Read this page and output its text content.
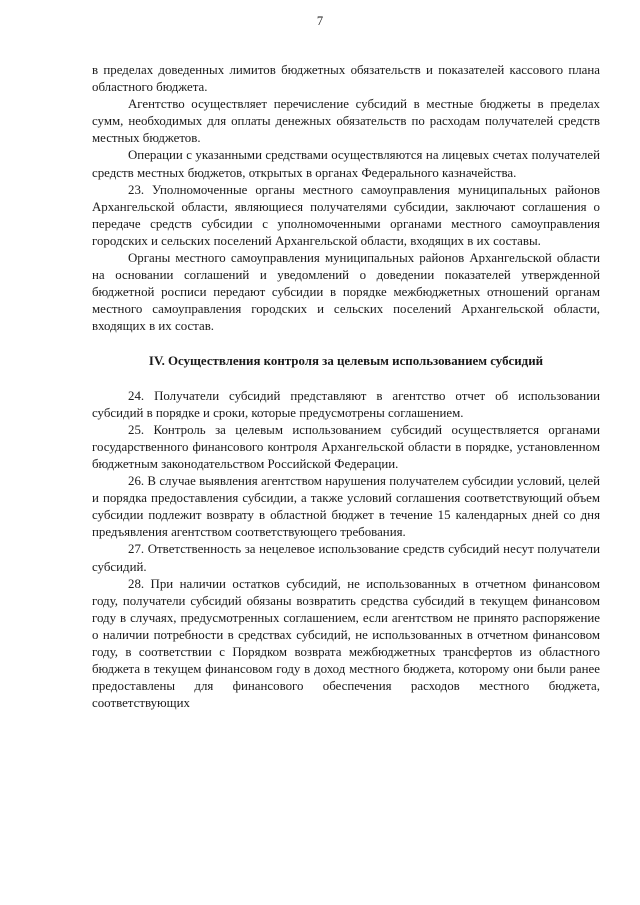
7

в пределах доведенных лимитов бюджетных обязательств и показателей кассового плана областного бюджета.

Агентство осуществляет перечисление субсидий в местные бюджеты в пределах сумм, необходимых для оплаты денежных обязательств по расходам получателей средств местных бюджетов.

Операции с указанными средствами осуществляются на лицевых счетах получателей средств местных бюджетов, открытых в органах Федерального казначейства.

23. Уполномоченные органы местного самоуправления муниципальных районов Архангельской области, являющиеся получателями субсидии, заключают соглашения о передаче средств субсидии с уполномоченными органами местного самоуправления городских и сельских поселений Архангельской области, входящих в их составы.

Органы местного самоуправления муниципальных районов Архангельской области на основании соглашений и уведомлений о доведении показателей утвержденной бюджетной росписи передают субсидии в порядке межбюджетных отношений органам местного самоуправления городских и сельских поселений Архангельской области, входящих в их состав.

IV. Осуществления контроля за целевым использованием субсидий

24. Получатели субсидий представляют в агентство отчет об использовании субсидий в порядке и сроки, которые предусмотрены соглашением.

25. Контроль за целевым использованием субсидий осуществляется органами государственного финансового контроля Архангельской области в порядке, установленном бюджетным законодательством Российской Федерации.

26. В случае выявления агентством нарушения получателем субсидии условий, целей и порядка предоставления субсидии, а также условий соглашения соответствующий объем субсидии подлежит возврату в областной бюджет в течение 15 календарных дней со дня предъявления агентством соответствующего требования.

27. Ответственность за нецелевое использование средств субсидий несут получатели субсидий.

28. При наличии остатков субсидий, не использованных в отчетном финансовом году, получатели субсидий обязаны возвратить средства субсидий в текущем финансовом году в случаях, предусмотренных соглашением, если агентством не принято распоряжение о наличии потребности в средствах субсидий, не использованных в отчетном финансовом году, в соответствии с Порядком возврата межбюджетных трансфертов из областного бюджета в текущем финансовом году в доход местного бюджета, которому они были ранее предоставлены для финансового обеспечения расходов местного бюджета, соответствующих
